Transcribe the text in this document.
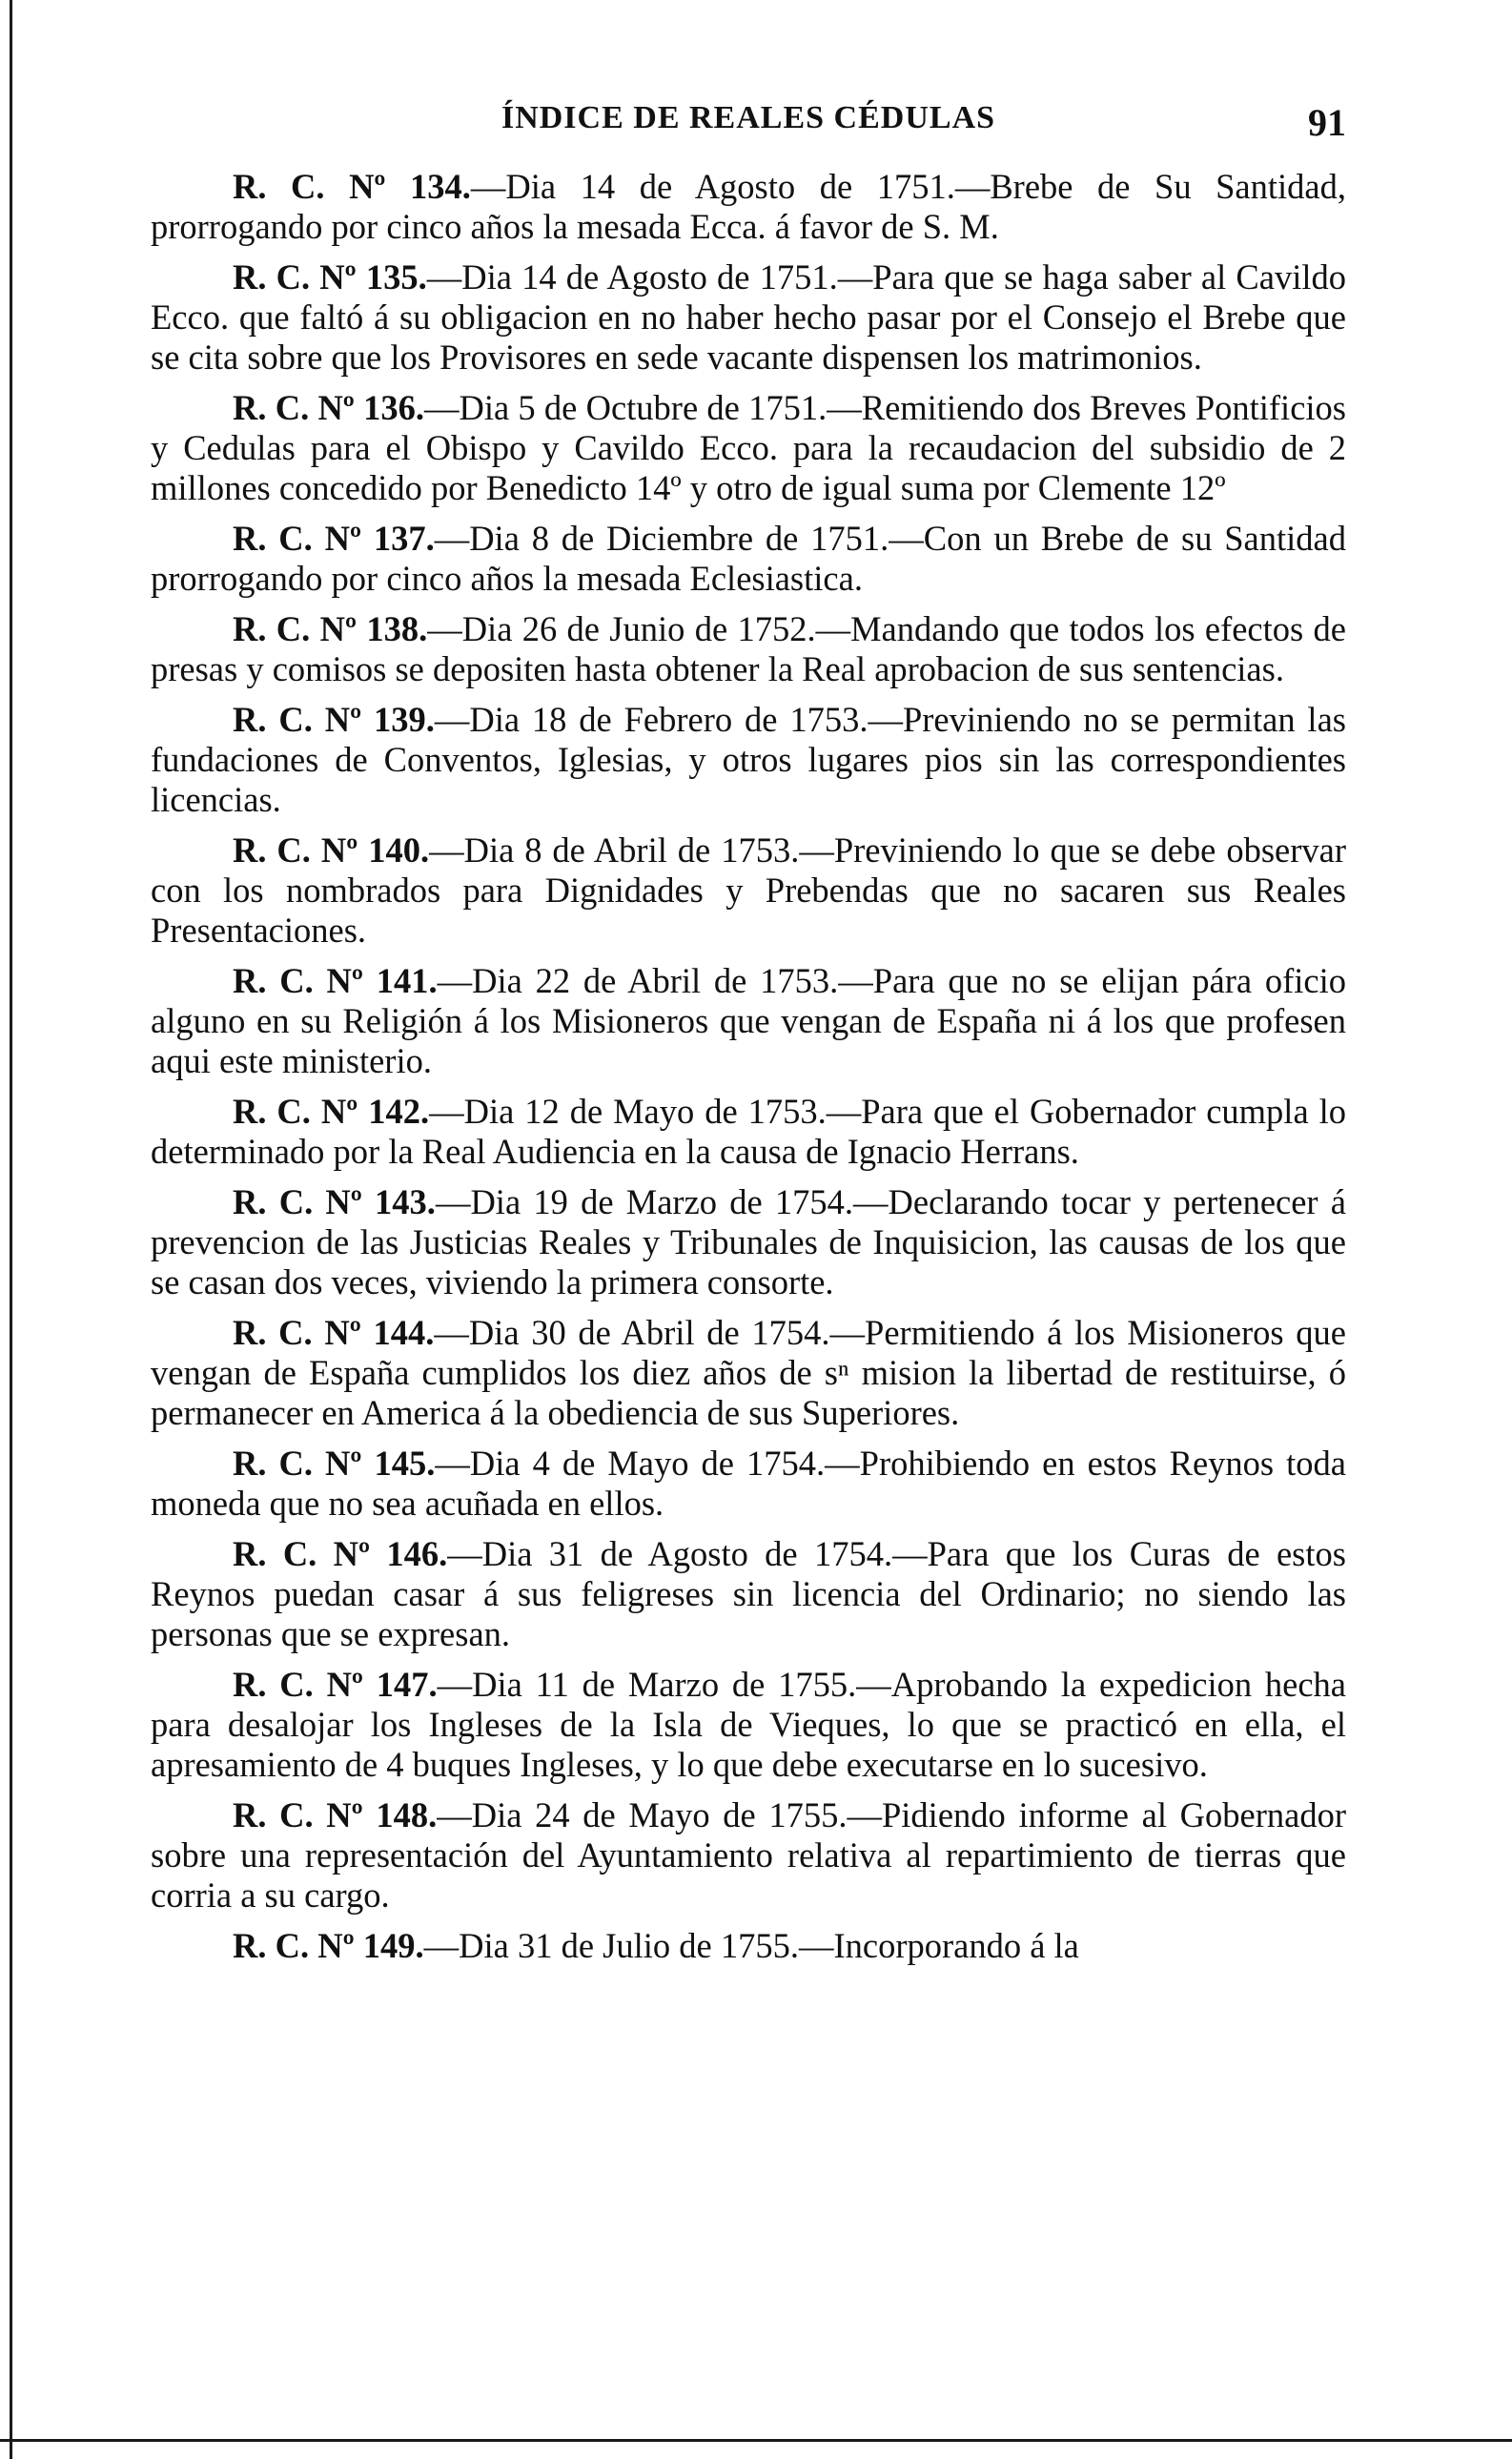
ÍNDICE DE REALES CÉDULAS	91

R. C. Nº 134.—Dia 14 de Agosto de 1751.—Brebe de Su Santidad, prorrogando por cinco años la mesada Ecca. á favor de S. M.

R. C. Nº 135.—Dia 14 de Agosto de 1751.—Para que se haga saber al Cavildo Ecco. que faltó á su obligacion en no haber hecho pasar por el Consejo el Brebe que se cita sobre que los Provisores en sede vacante dispensen los matrimonios.

R. C. Nº 136.—Dia 5 de Octubre de 1751.—Remitiendo dos Breves Pontificios y Cedulas para el Obispo y Cavildo Ecco. para la recaudacion del subsidio de 2 millones concedido por Benedicto 14º y otro de igual suma por Clemente 12º

R. C. Nº 137.—Dia 8 de Diciembre de 1751.—Con un Brebe de su Santidad prorrogando por cinco años la mesada Eclesiastica.

R. C. Nº 138.—Dia 26 de Junio de 1752.—Mandando que todos los efectos de presas y comisos se depositen hasta obtener la Real aprobacion de sus sentencias.

R. C. Nº 139.—Dia 18 de Febrero de 1753.—Previniendo no se permitan las fundaciones de Conventos, Iglesias, y otros lugares pios sin las correspondientes licencias.

R. C. Nº 140.—Dia 8 de Abril de 1753.—Previniendo lo que se debe observar con los nombrados para Dignidades y Prebendas que no sacaren sus Reales Presentaciones.

R. C. Nº 141.—Dia 22 de Abril de 1753.—Para que no se elijan pára oficio alguno en su Religión á los Misioneros que vengan de España ni á los que profesen aqui este ministerio.

R. C. Nº 142.—Dia 12 de Mayo de 1753.—Para que el Gobernador cumpla lo determinado por la Real Audiencia en la causa de Ignacio Herrans.

R. C. Nº 143.—Dia 19 de Marzo de 1754.—Declarando tocar y pertenecer á prevencion de las Justicias Reales y Tribunales de Inquisicion, las causas de los que se casan dos veces, viviendo la primera consorte.

R. C. Nº 144.—Dia 30 de Abril de 1754.—Permitiendo á los Misioneros que vengan de España cumplidos los diez años de sⁿ mision la libertad de restituirse, ó permanecer en America á la obediencia de sus Superiores.

R. C. Nº 145.—Dia 4 de Mayo de 1754.—Prohibiendo en estos Reynos toda moneda que no sea acuñada en ellos.

R. C. Nº 146.—Dia 31 de Agosto de 1754.—Para que los Curas de estos Reynos puedan casar á sus feligreses sin licencia del Ordinario; no siendo las personas que se expresan.

R. C. Nº 147.—Dia 11 de Marzo de 1755.—Aprobando la expedicion hecha para desalojar los Ingleses de la Isla de Vieques, lo que se practicó en ella, el apresamiento de 4 buques Ingleses, y lo que debe executarse en lo sucesivo.

R. C. Nº 148.—Dia 24 de Mayo de 1755.—Pidiendo informe al Gobernador sobre una representación del Ayuntamiento relativa al repartimiento de tierras que corria a su cargo.

R. C. Nº 149.—Dia 31 de Julio de 1755.—Incorporando á la
